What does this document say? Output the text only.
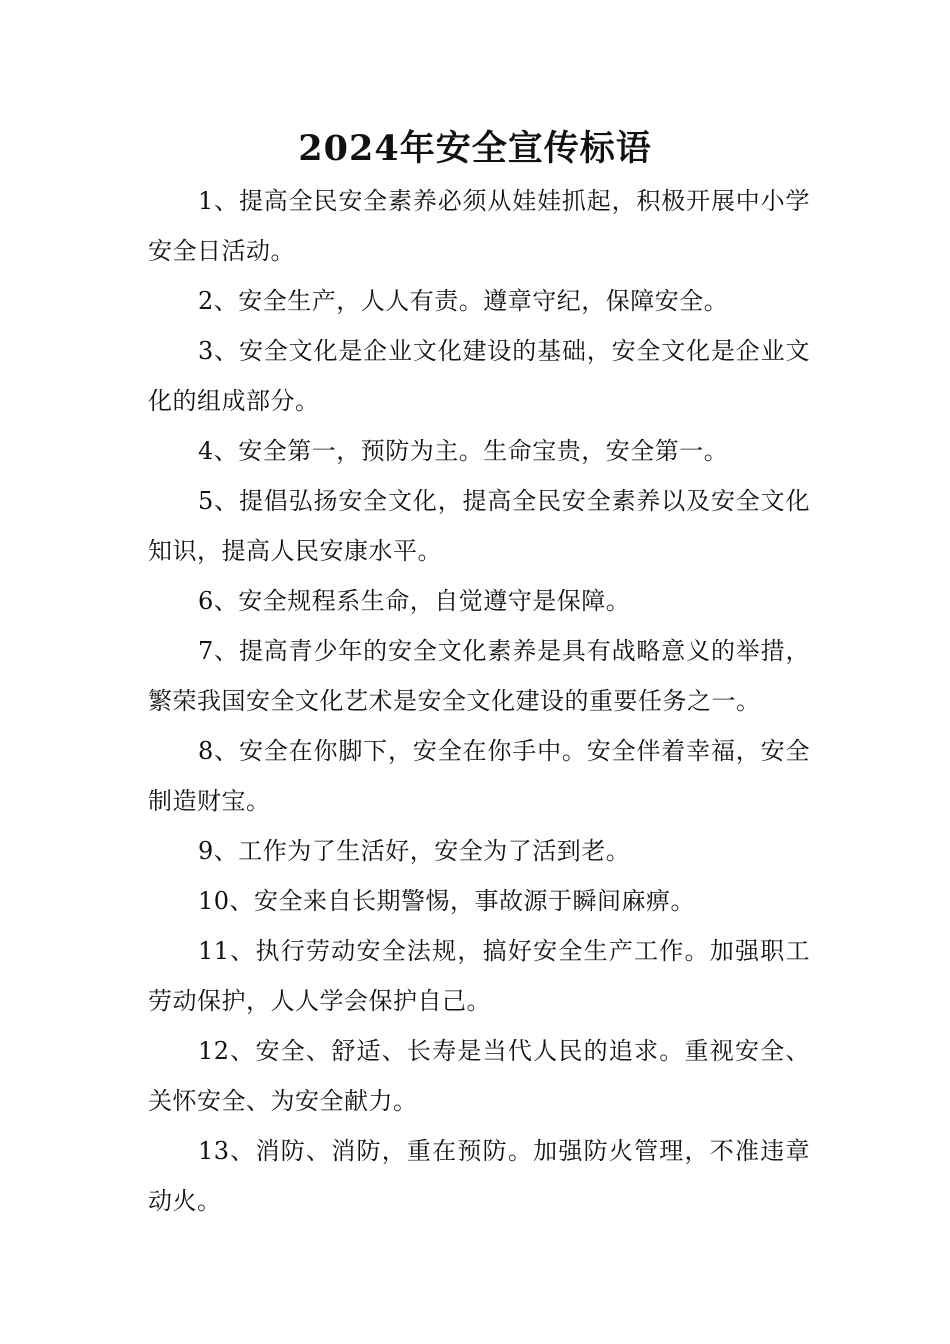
2024年安全宣传标语

1、提高全民安全素养必须从娃娃抓起，积极开展中小学安全日活动。

2、安全生产，人人有责。遵章守纪，保障安全。

3、安全文化是企业文化建设的基础，安全文化是企业文化的组成部分。

4、安全第一，预防为主。生命宝贵，安全第一。

5、提倡弘扬安全文化，提高全民安全素养以及安全文化知识，提高人民安康水平。

6、安全规程系生命，自觉遵守是保障。

7、提高青少年的安全文化素养是具有战略意义的举措，繁荣我国安全文化艺术是安全文化建设的重要任务之一。

8、安全在你脚下，安全在你手中。安全伴着幸福，安全制造财宝。

9、工作为了生活好，安全为了活到老。

10、安全来自长期警惕，事故源于瞬间麻痹。

11、执行劳动安全法规，搞好安全生产工作。加强职工劳动保护，人人学会保护自己。

12、安全、舒适、长寿是当代人民的追求。重视安全、关怀安全、为安全献力。

13、消防、消防，重在预防。加强防火管理，不准违章动火。
